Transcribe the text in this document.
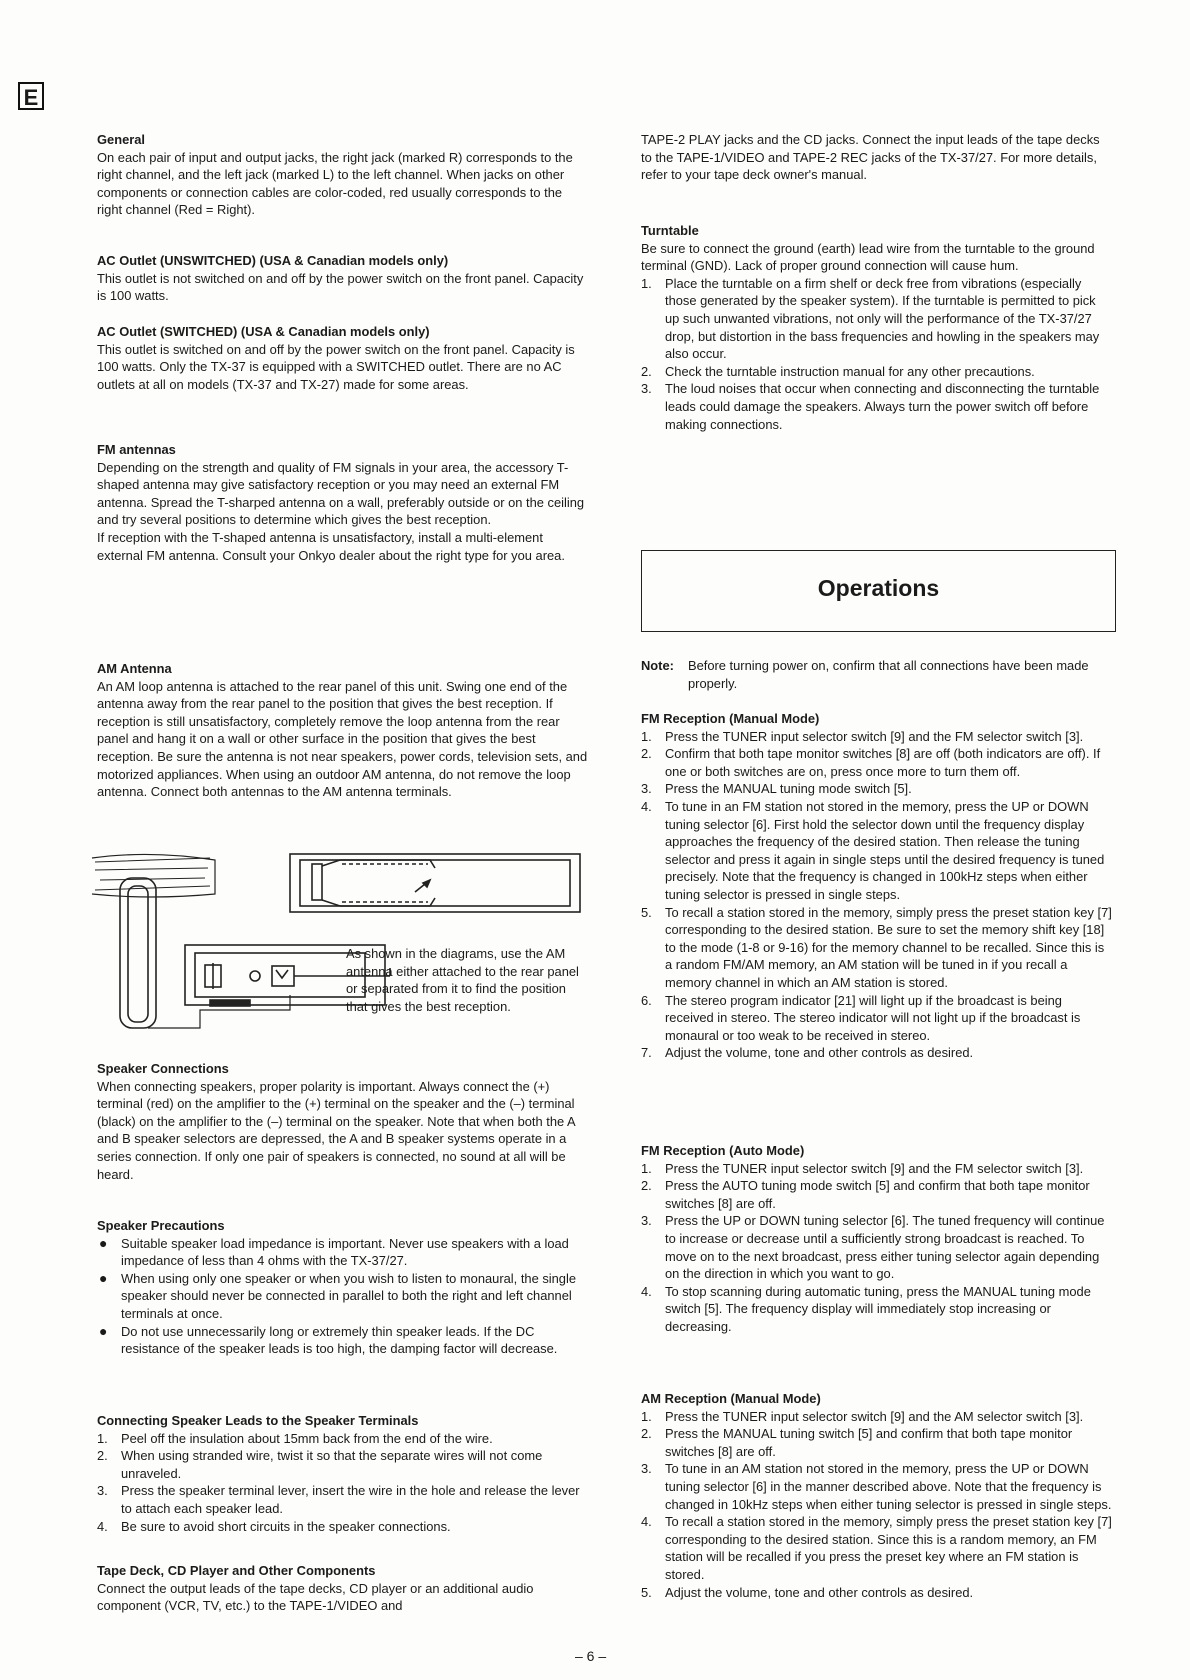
E

General

On each pair of input and output jacks, the right jack (marked R) corresponds to the right channel, and the left jack (marked L) to the left channel. When jacks on other components or connection cables are color-coded, red usually corresponds to the right channel (Red = Right).

AC Outlet (UNSWITCHED) (USA & Canadian models only)

This outlet is not switched on and off by the power switch on the front panel. Capacity is 100 watts.

AC Outlet (SWITCHED) (USA & Canadian models only)

This outlet is switched on and off by the power switch on the front panel. Capacity is 100 watts. Only the TX-37 is equipped with a SWITCHED outlet. There are no AC outlets at all on models (TX-37 and TX-27) made for some areas.

FM antennas

Depending on the strength and quality of FM signals in your area, the accessory T-shaped antenna may give satisfactory reception or you may need an external FM antenna. Spread the T-sharped antenna on a wall, preferably outside or on the ceiling and try several positions to determine which gives the best reception.

If reception with the T-shaped antenna is unsatisfactory, install a multi-element external FM antenna. Consult your Onkyo dealer about the right type for you area.

AM Antenna

An AM loop antenna is attached to the rear panel of this unit. Swing one end of the antenna away from the rear panel to the position that gives the best reception. If reception is still unsatisfactory, completely remove the loop antenna from the rear panel and hang it on a wall or other surface in the position that gives the best reception. Be sure the antenna is not near speakers, power cords, television sets, and motorized appliances. When using an outdoor AM antenna, do not remove the loop antenna. Connect both antennas to the AM antenna terminals.

Speaker Connections

When connecting speakers, proper polarity is important. Always connect the (+) terminal (red) on the amplifier to the (+) terminal on the speaker and the (–) terminal (black) on the amplifier to the (–) terminal on the speaker. Note that when both the A and B speaker selectors are depressed, the A and B speaker systems operate in a series connection. If only one pair of speakers is connected, no sound at all will be heard.

Speaker Precautions

● Suitable speaker load impedance is important. Never use speakers with a load impedance of less than 4 ohms with the TX-37/27.
● When using only one speaker or when you wish to listen to monaural, the single speaker should never be connected in parallel to both the right and left channel terminals at once.
● Do not use unnecessarily long or extremely thin speaker leads. If the DC resistance of the speaker leads is too high, the damping factor will decrease.

Connecting Speaker Leads to the Speaker Terminals

1. Peel off the insulation about 15mm back from the end of the wire.
2. When using stranded wire, twist it so that the separate wires will not come unraveled.
3. Press the speaker terminal lever, insert the wire in the hole and release the lever to attach each speaker lead.
4. Be sure to avoid short circuits in the speaker connections.

Tape Deck, CD Player and Other Components

Connect the output leads of the tape decks, CD player or an additional audio component (VCR, TV, etc.) to the TAPE-1/VIDEO and

As shown in the diagrams, use the AM antenna either attached to the rear panel or separated from it to find the position that gives the best reception.

TAPE-2 PLAY jacks and the CD jacks. Connect the input leads of the tape decks to the TAPE-1/VIDEO and TAPE-2 REC jacks of the TX-37/27. For more details, refer to your tape deck owner's manual.

Turntable

Be sure to connect the ground (earth) lead wire from the turntable to the ground terminal (GND). Lack of proper ground connection will cause hum.

1. Place the turntable on a firm shelf or deck free from vibrations (especially those generated by the speaker system). If the turntable is permitted to pick up such unwanted vibrations, not only will the performance of the TX-37/27 drop, but distortion in the bass frequencies and howling in the speakers may also occur.
2. Check the turntable instruction manual for any other precautions.
3. The loud noises that occur when connecting and disconnecting the turntable leads could damage the speakers. Always turn the power switch off before making connections.
Note:	Before turning power on, confirm that all connections have been made properly.

FM Reception (Manual Mode)

1. Press the TUNER input selector switch [9] and the FM selector switch [3].
2. Confirm that both tape monitor switches [8] are off (both indicators are off). If one or both switches are on, press once more to turn them off.
3. Press the MANUAL tuning mode switch [5].
4. To tune in an FM station not stored in the memory, press the UP or DOWN tuning selector [6]. First hold the selector down until the frequency display approaches the frequency of the desired station. Then release the tuning selector and press it again in single steps until the desired frequency is tuned precisely. Note that the frequency is changed in 100kHz steps when either tuning selector is pressed in single steps.
5. To recall a station stored in the memory, simply press the preset station key [7] corresponding to the desired station. Be sure to set the memory shift key [18] to the mode (1-8 or 9-16) for the memory channel to be recalled. Since this is a random FM/AM memory, an AM station will be tuned in if you recall a memory channel in which an AM station is stored.
6. The stereo program indicator [21] will light up if the broadcast is being received in stereo. The stereo indicator will not light up if the broadcast is monaural or too weak to be received in stereo.
7. Adjust the volume, tone and other controls as desired.

FM Reception (Auto Mode)

1. Press the TUNER input selector switch [9] and the FM selector switch [3].
2. Press the AUTO tuning mode switch [5] and confirm that both tape monitor switches [8] are off.
3. Press the UP or DOWN tuning selector [6]. The tuned frequency will continue to increase or decrease until a sufficiently strong broadcast is reached. To move on to the next broadcast, press either tuning selector again depending on the direction in which you want to go.
4. To stop scanning during automatic tuning, press the MANUAL tuning mode switch [5]. The frequency display will immediately stop increasing or decreasing.

AM Reception (Manual Mode)

1. Press the TUNER input selector switch [9] and the AM selector switch [3].
2. Press the MANUAL tuning switch [5] and confirm that both tape monitor switches [8] are off.
3. To tune in an AM station not stored in the memory, press the UP or DOWN tuning selector [6] in the manner described above. Note that the frequency is changed in 10kHz steps when either tuning selector is pressed in single steps.
4. To recall a station stored in the memory, simply press the preset station key [7] corresponding to the desired station. Since this is a random memory, an FM station will be recalled if you press the preset key where an FM station is stored.
5. Adjust the volume, tone and other controls as desired.
Operations
– 6 –
